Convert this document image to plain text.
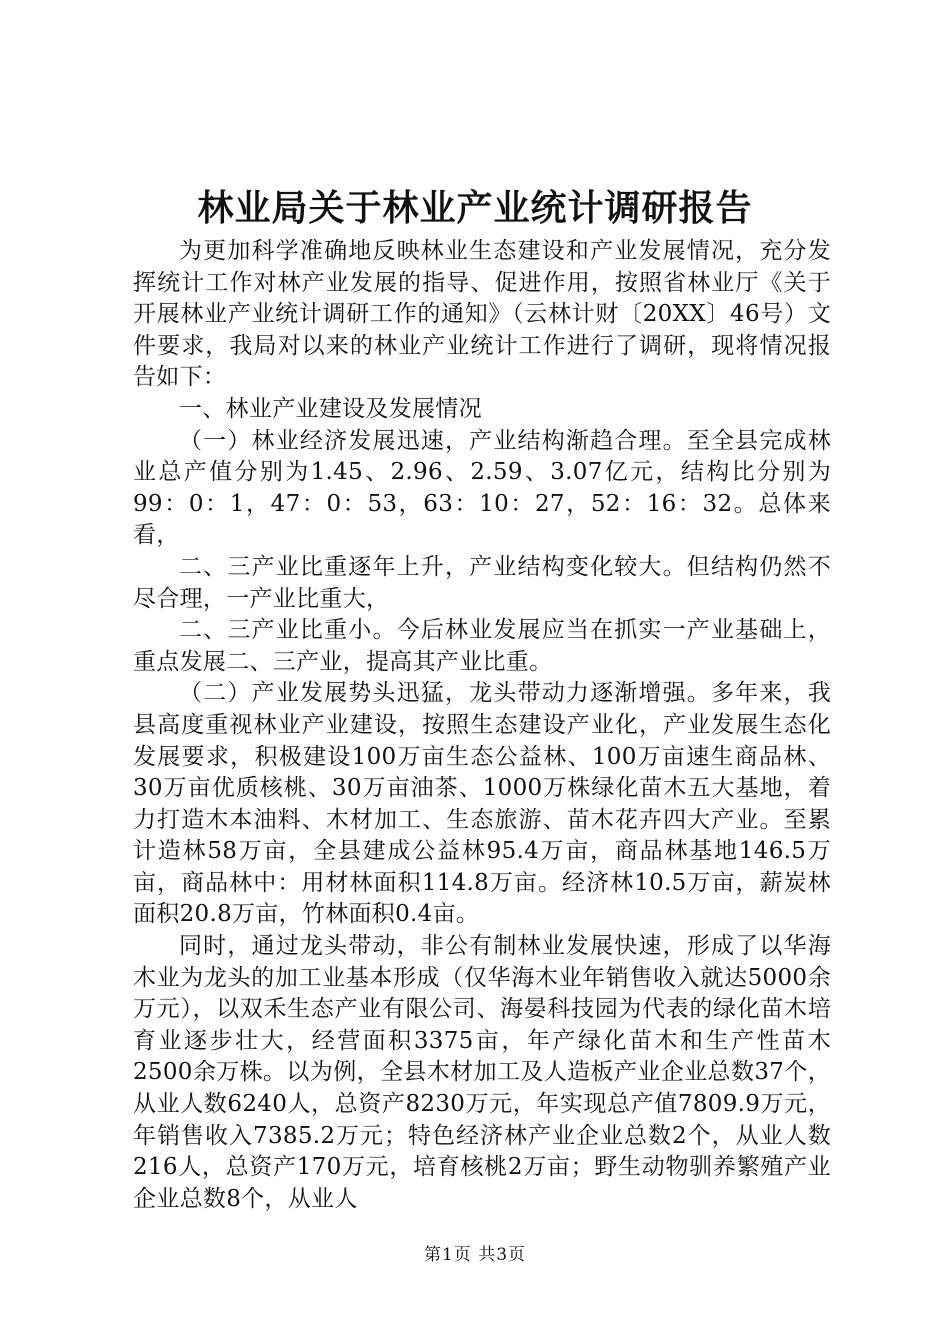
林业局关于林业产业统计调研报告

为更加科学准确地反映林业生态建设和产业发展情况，充分发挥统计工作对林产业发展的指导、促进作用，按照省林业厅《关于开展林业产业统计调研工作的通知》（云林计财〔20XX〕46号）文件要求，我局对以来的林业产业统计工作进行了调研，现将情况报告如下：

一、林业产业建设及发展情况

（一）林业经济发展迅速，产业结构渐趋合理。至全县完成林业总产值分别为1.45、2.96、2.59、3.07亿元，结构比分别为99：0：1，47：0：53，63：10：27，52：16：32。总体来看，

二、三产业比重逐年上升，产业结构变化较大。但结构仍然不尽合理，一产业比重大，

二、三产业比重小。今后林业发展应当在抓实一产业基础上，重点发展二、三产业，提高其产业比重。

（二）产业发展势头迅猛，龙头带动力逐渐增强。多年来，我县高度重视林业产业建设，按照生态建设产业化，产业发展生态化发展要求，积极建设100万亩生态公益林、100万亩速生商品林、30万亩优质核桃、30万亩油茶、1000万株绿化苗木五大基地，着力打造木本油料、木材加工、生态旅游、苗木花卉四大产业。至累计造林58万亩，全县建成公益林95.4万亩，商品林基地146.5万亩，商品林中：用材林面积114.8万亩。经济林10.5万亩，薪炭林面积20.8万亩，竹林面积0.4亩。

同时，通过龙头带动，非公有制林业发展快速，形成了以华海木业为龙头的加工业基本形成（仅华海木业年销售收入就达5000余万元），以双禾生态产业有限公司、海晏科技园为代表的绿化苗木培育业逐步壮大，经营面积3375亩，年产绿化苗木和生产性苗木2500余万株。以为例，全县木材加工及人造板产业企业总数37个，从业人数6240人，总资产8230万元，年实现总产值7809.9万元，年销售收入7385.2万元；特色经济林产业企业总数2个，从业人数216人，总资产170万元，培育核桃2万亩；野生动物驯养繁殖产业企业总数8个，从业人

第1页 共3页
